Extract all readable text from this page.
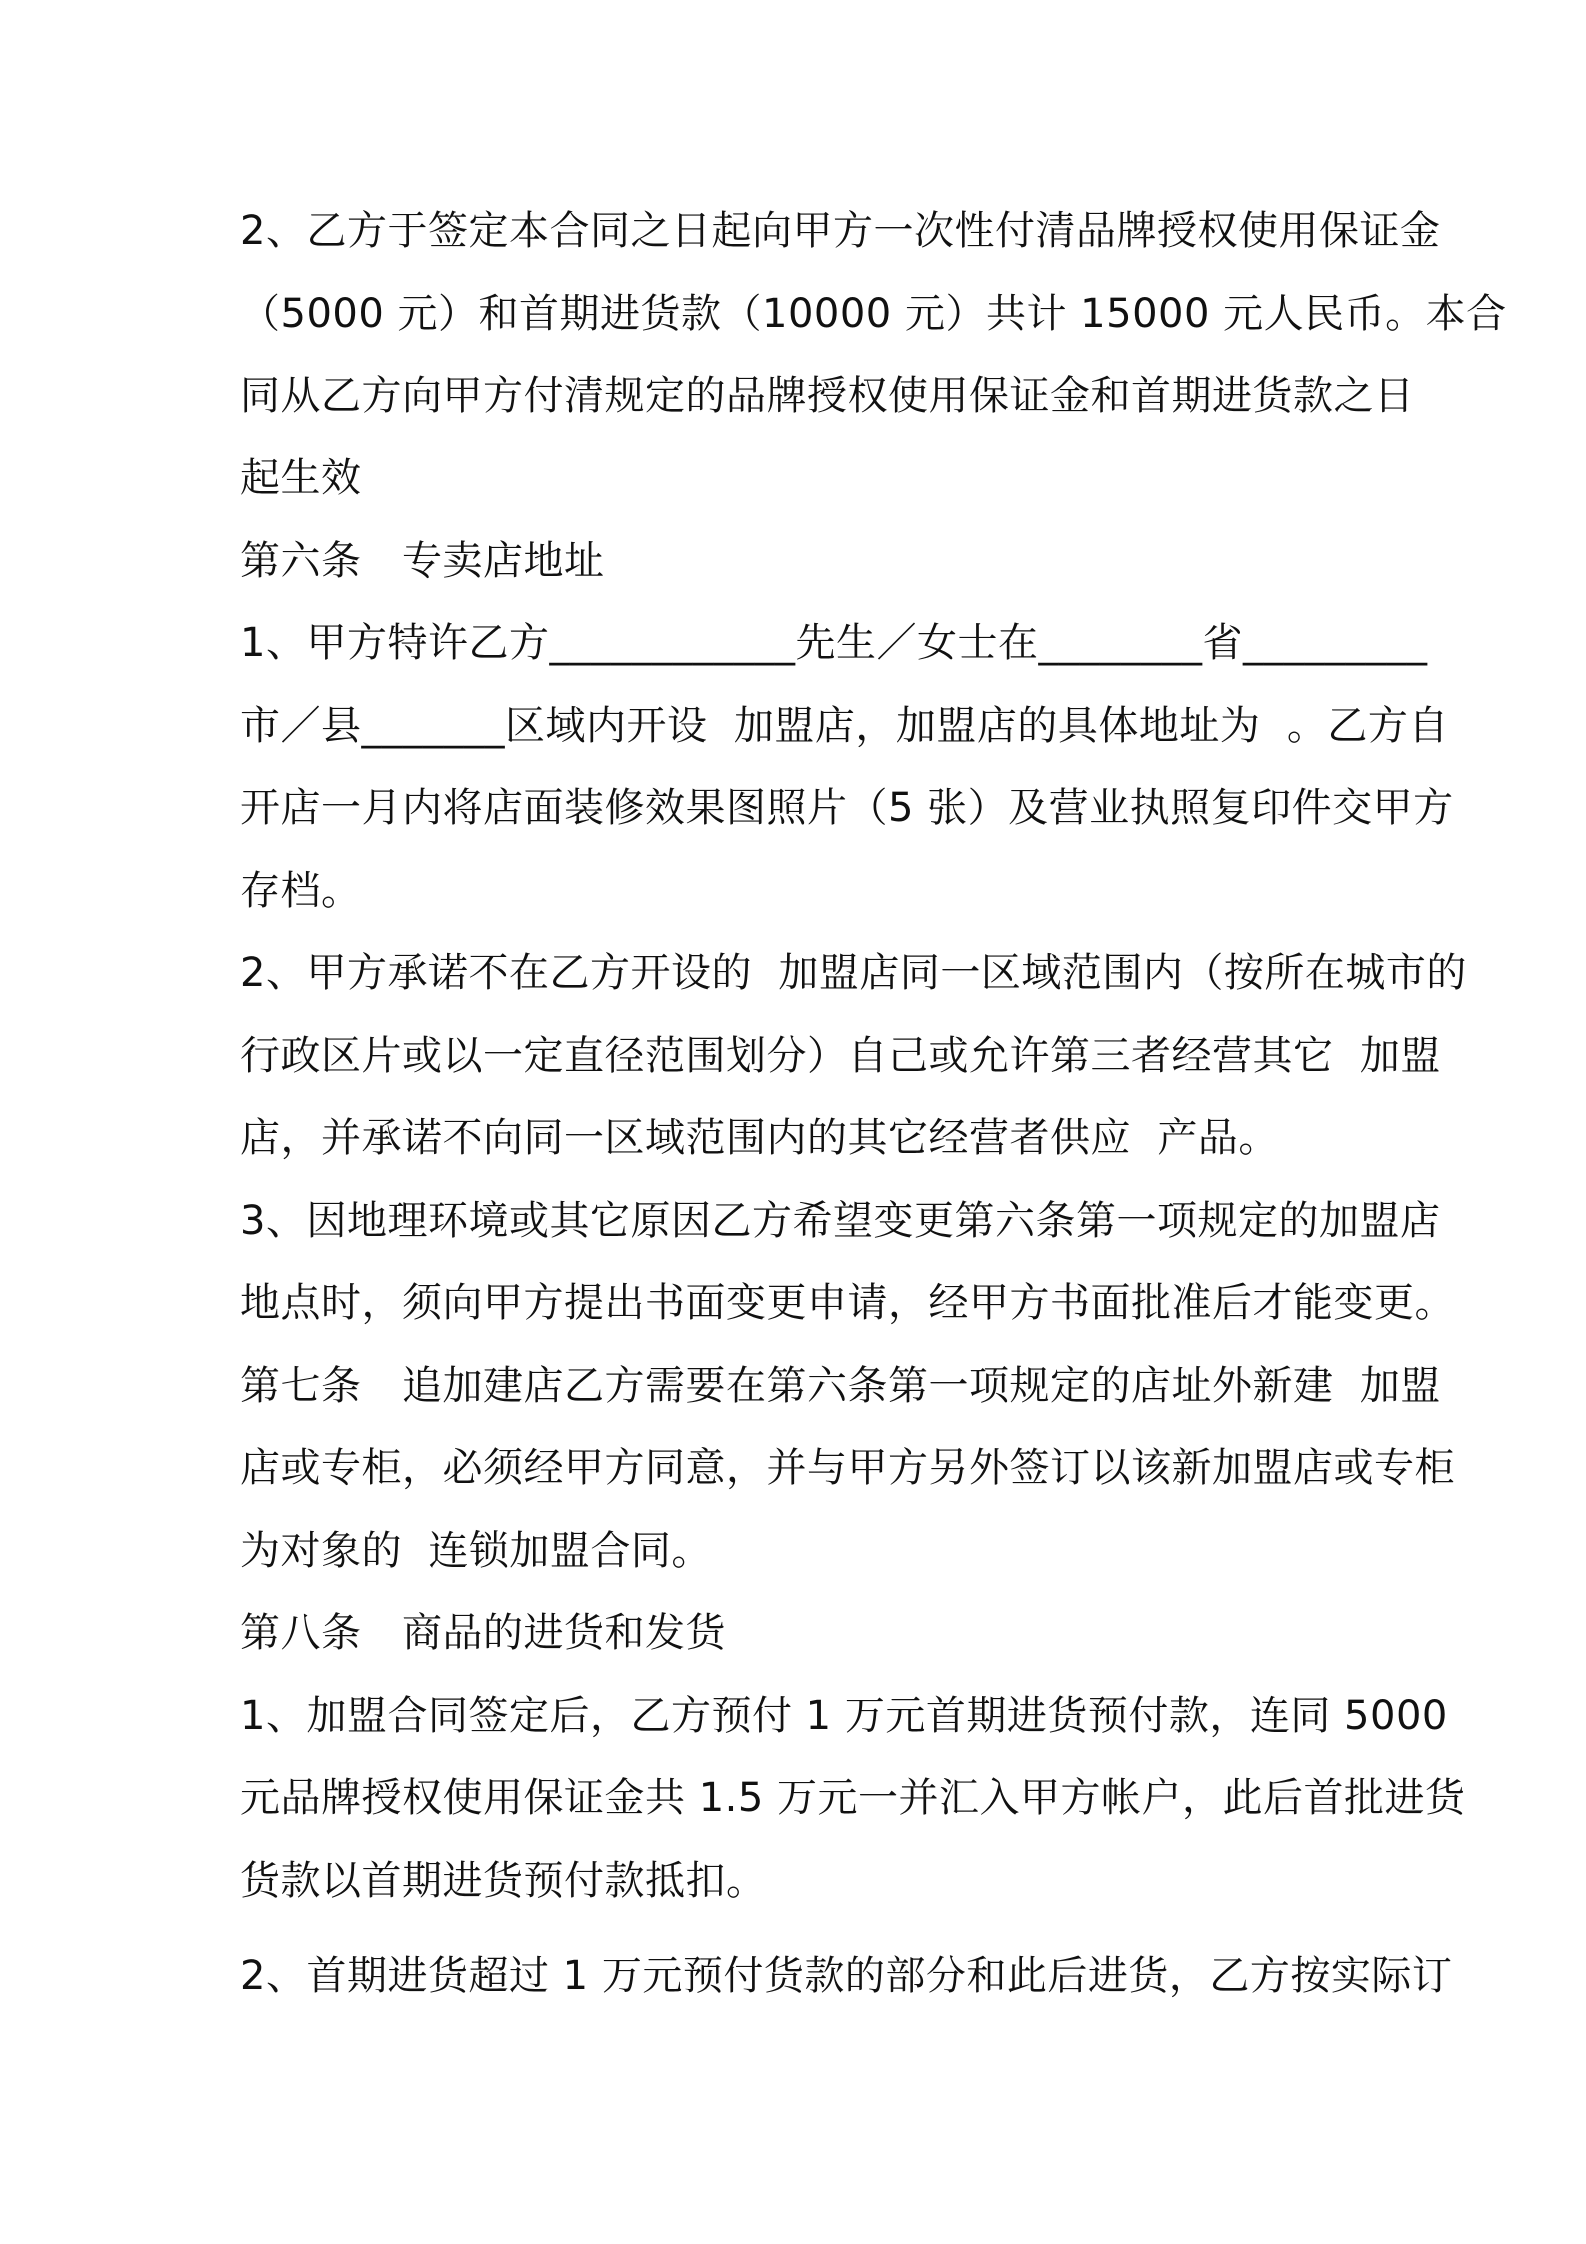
2、乙方于签定本合同之日起向甲方一次性付清品牌授权使用保证金
（5000 元）和首期进货款（10000 元）共计 15000 元人民币。本合
同从乙方向甲方付清规定的品牌授权使用保证金和首期进货款之日
起生效
第六条　专卖店地址
1、甲方特许乙方____________先生／女士在________省_________
市／县_______区域内开设  加盟店，加盟店的具体地址为  。乙方自
开店一月内将店面装修效果图照片（5 张）及营业执照复印件交甲方
存档。
2、甲方承诺不在乙方开设的  加盟店同一区域范围内（按所在城市的
行政区片或以一定直径范围划分）自己或允许第三者经营其它  加盟
店，并承诺不向同一区域范围内的其它经营者供应  产品。
3、因地理环境或其它原因乙方希望变更第六条第一项规定的加盟店
地点时，须向甲方提出书面变更申请，经甲方书面批准后才能变更。
第七条　追加建店乙方需要在第六条第一项规定的店址外新建  加盟
店或专柜，必须经甲方同意，并与甲方另外签订以该新加盟店或专柜
为对象的  连锁加盟合同。
第八条　商品的进货和发货
1、加盟合同签定后，乙方预付 1 万元首期进货预付款，连同 5000
元品牌授权使用保证金共 1.5 万元一并汇入甲方帐户，此后首批进货
货款以首期进货预付款抵扣。
2、首期进货超过 1 万元预付货款的部分和此后进货，乙方按实际订
